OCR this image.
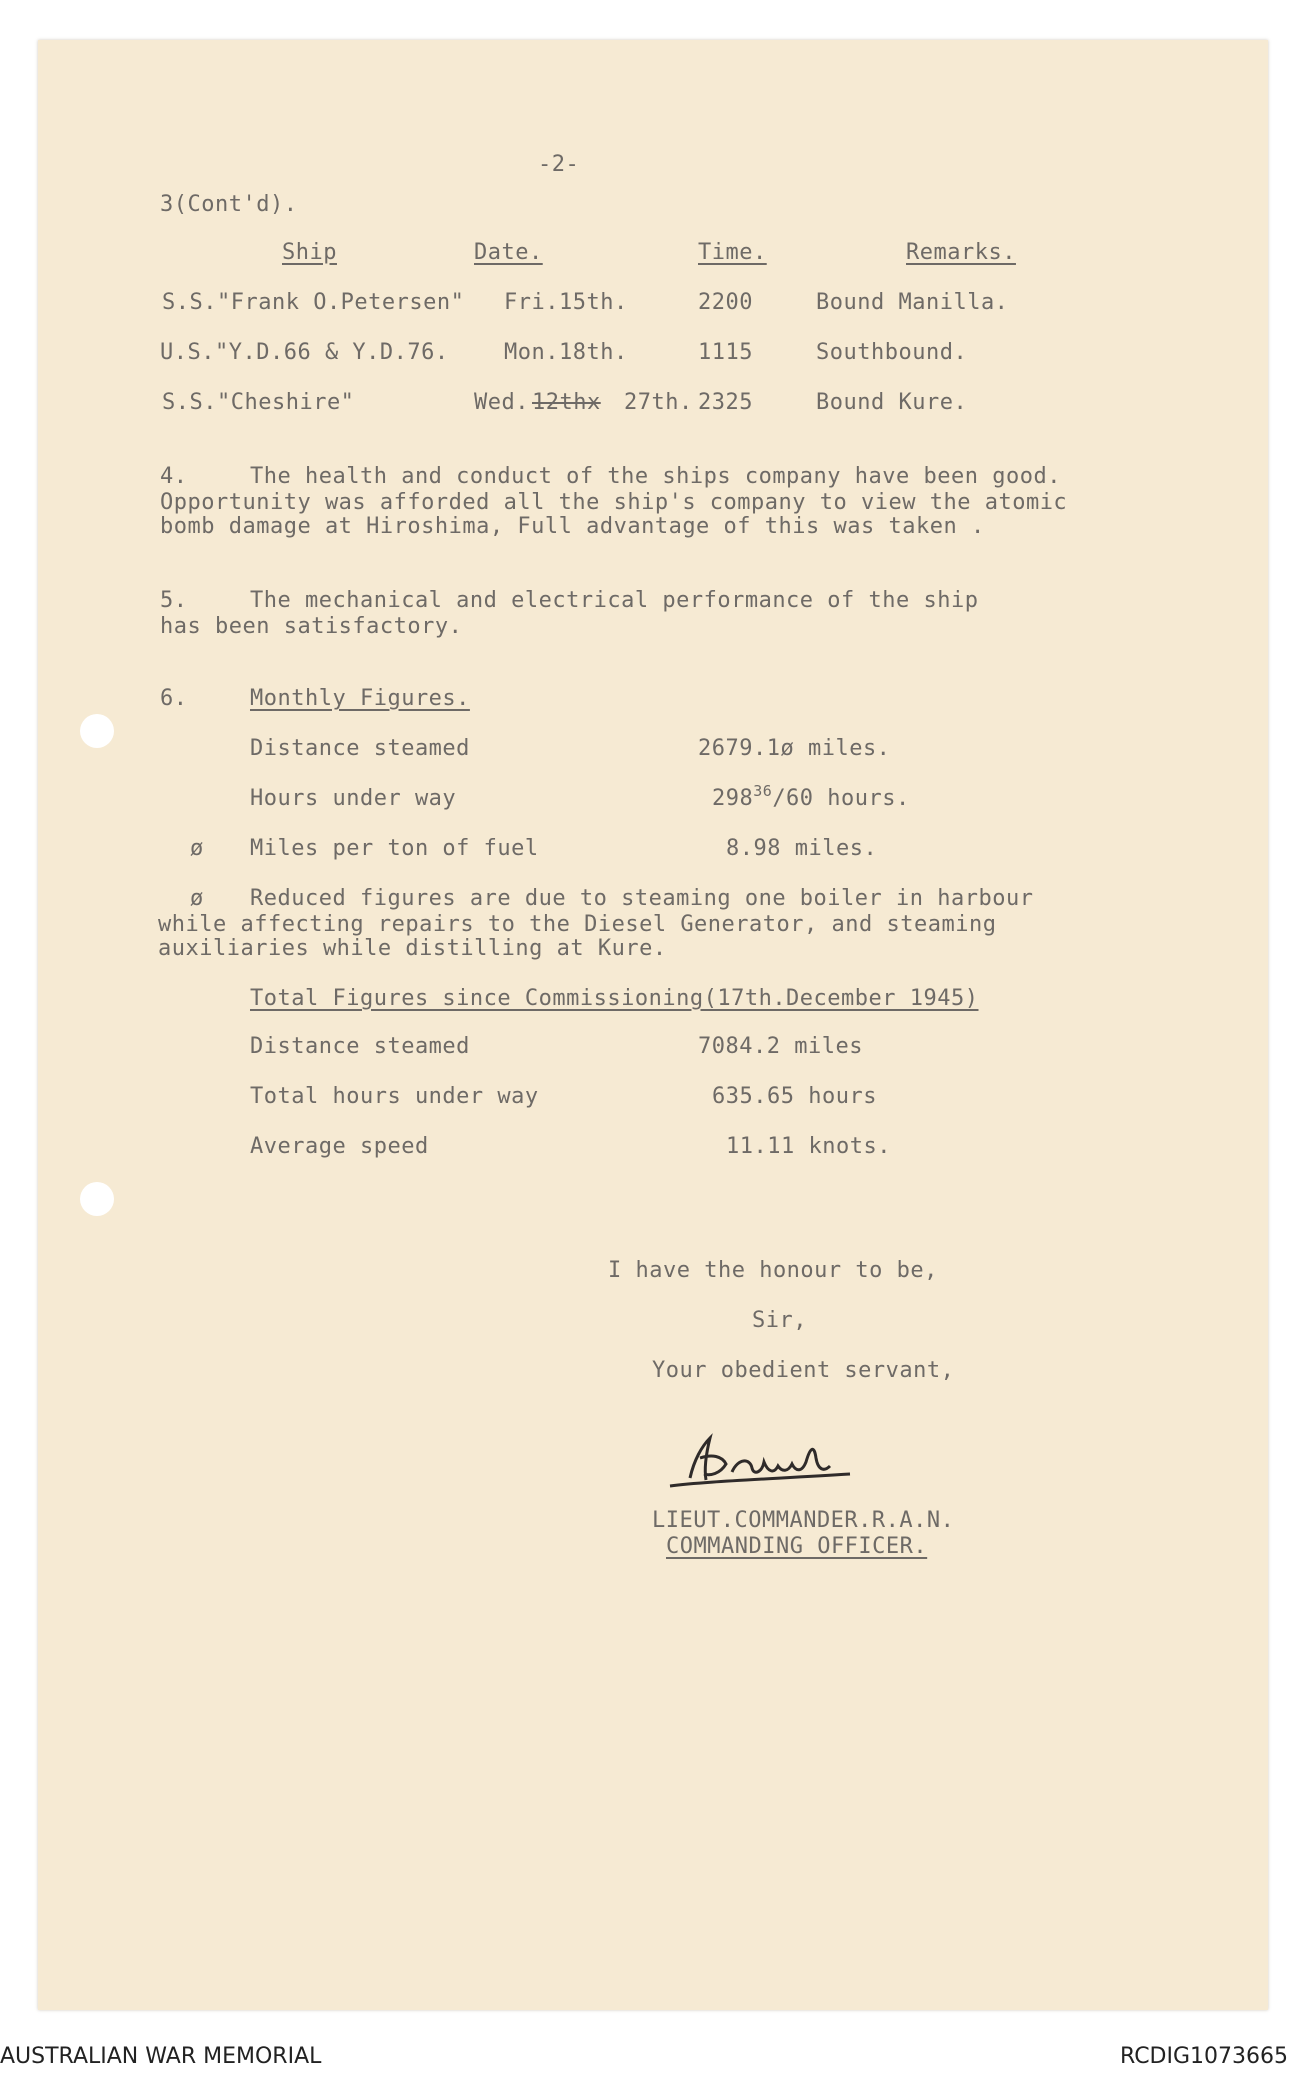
-2-
3(Cont'd).
Ship	Date.	Time.	Remarks.
S.S."Frank O.Petersen" Fri.15th.	2200	Bound Manilla.
U.S."Y.D.66 & Y.D.76.	Mon.18th.	1115	Southbound.
S.S."Cheshire"	Wed. 12thx 27th. 2325	Bound Kure.
4.	The health and conduct of the ships company have been good.
Opportunity was afforded all the ship's company to view the atomic
bomb damage at Hiroshima, Full advantage of this was taken .
5.	The mechanical and electrical performance of the ship
has been satisfactory.
6.	Monthly Figures.
Distance steamed	2679.1ø miles.
Hours under way	$298^{36}/60$ hours.
ø Miles per ton of fuel	8.98 miles.
ø Reduced figures are due to steaming one boiler in harbour
while affecting repairs to the Diesel Generator, and steaming
auxiliaries while distilling at Kure.
Total Figures since Commissioning(17th.December 1945)
Distance steamed	7084.2 miles
Total hours under way	635.65 hours
Average speed	11.11 knots.
I have the honour to be,
Sir,
Your obedient servant,
LIEUT.COMMANDER.R.A.N.
COMMANDING OFFICER.
AUSTRALIAN WAR MEMORIAL	RCDIG1073665
